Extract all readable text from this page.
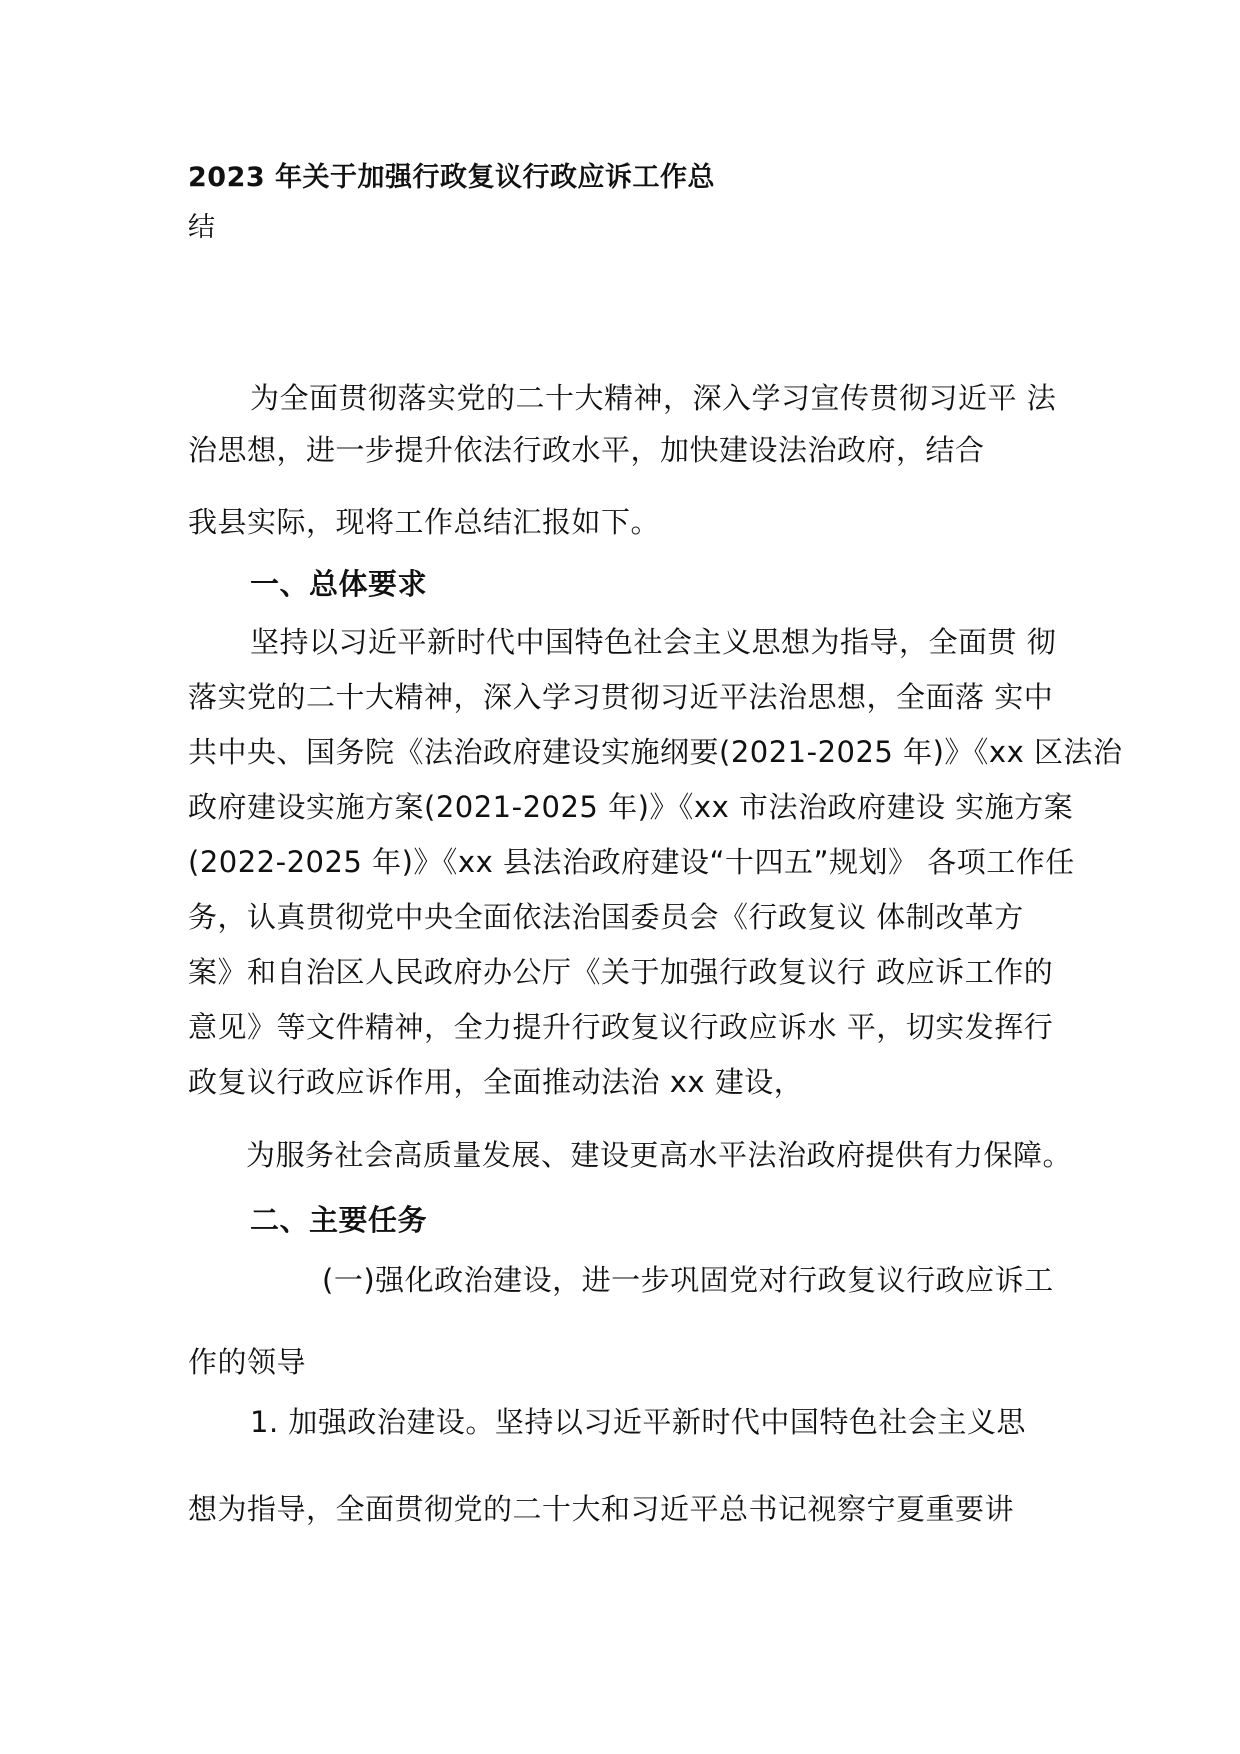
2023 年关于加强行政复议行政应诉工作总
结
为全面贯彻落实党的二十大精神，深入学习宣传贯彻习近平 法
治思想，进一步提升依法行政水平，加快建设法治政府，结合
我县实际，现将工作总结汇报如下。
一、总体要求
坚持以习近平新时代中国特色社会主义思想为指导，全面贯 彻
落实党的二十大精神，深入学习贯彻习近平法治思想，全面落 实中
共中央、国务院《法治政府建设实施纲要(2021-2025 年)》《xx 区法治
政府建设实施方案(2021-2025 年)》《xx 市法治政府建设 实施方案
(2022-2025 年)》《xx 县法治政府建设“十四五”规划》 各项工作任
务，认真贯彻党中央全面依法治国委员会《行政复议 体制改革方
案》和自治区人民政府办公厅《关于加强行政复议行 政应诉工作的
意见》等文件精神，全力提升行政复议行政应诉水 平，切实发挥行
政复议行政应诉作用，全面推动法治 xx 建设，
为服务社会高质量发展、建设更高水平法治政府提供有力保障。
二、主要任务
(一)强化政治建设，进一步巩固党对行政复议行政应诉工
作的领导
1. 加强政治建设。坚持以习近平新时代中国特色社会主义思
想为指导，全面贯彻党的二十大和习近平总书记视察宁夏重要讲
